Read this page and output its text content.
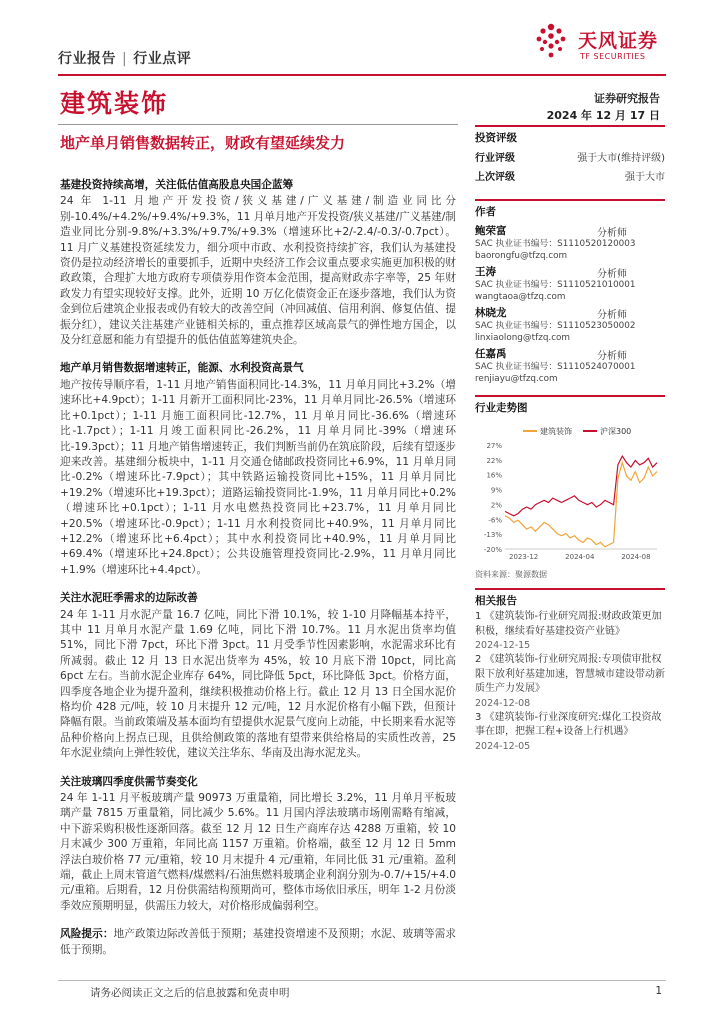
行业报告 | 行业点评
天风证券
TF SECURITIES
建筑装饰	证券研究报告
2024 年 12 月 17 日
地产单月销售数据转正，财政有望延续发力
基建投资持续高增，关注低估值高股息央国企蓝筹

24 年 1-11 月地产开发投资/狭义基建/广义基建/制造业同比分别-10.4%/+4.2%/+9.4%/+9.3%，11 月单月地产开发投资/狭义基建/广义基建/制造业同比分别-9.8%/+3.3%/+9.7%/+9.3%（增速环比+2/-2.4/-0.3/-0.7pct）。11 月广义基建投资延续发力，细分项中市政、水利投资持续扩容，我们认为基建投资仍是拉动经济增长的重要抓手，近期中央经济工作会议重点要求实施更加积极的财政政策，合理扩大地方政府专项债券用作资本金范围，提高财政赤字率等，25 年财政发力有望实现较好支撑。此外，近期 10 万亿化债资金正在逐步落地，我们认为资金到位后建筑企业报表或仍有较大的改善空间（冲回减值、信用利润、修复估值、提振分红），建议关注基建产业链相关标的，重点推荐区域高景气的弹性地方国企，以及分红意愿和能力有望提升的低估值蓝筹建筑央企。

地产单月销售数据增速转正，能源、水利投资高景气

地产按传导顺序看，1-11 月地产销售面积同比-14.3%，11 月单月同比+3.2%（增速环比+4.9pct）；1-11 月新开工面积同比-23%，11 月单月同比-26.5%（增速环比+0.1pct）；1-11 月施工面积同比-12.7%，11 月单月同比-36.6%（增速环比-1.7pct）；1-11 月竣工面积同比-26.2%，11 月单月同比-39%（增速环比-19.3pct）；11 月地产销售增速转正，我们判断当前仍在筑底阶段，后续有望逐步迎来改善。基建细分板块中，1-11 月交通仓储邮政投资同比+6.9%，11 月单月同比-0.2%（增速环比-7.9pct）；其中铁路运输投资同比+15%，11 月单月同比+19.2%（增速环比+19.3pct）；道路运输投资同比-1.9%，11 月单月同比+0.2%（增速环比+0.1pct）；1-11 月水电燃热投资同比+23.7%，11 月单月同比+20.5%（增速环比-0.9pct）；1-11 月水利投资同比+40.9%，11 月单月同比+12.2%（增速环比+6.4pct）；其中水利投资同比+40.9%，11 月单月同比+69.4%（增速环比+24.8pct）；公共设施管理投资同比-2.9%，11 月单月同比+1.9%（增速环比+4.4pct）。

关注水泥旺季需求的边际改善

24 年 1-11 月水泥产量 16.7 亿吨，同比下滑 10.1%，较 1-10 月降幅基本持平，其中 11 月单月水泥产量 1.69 亿吨，同比下滑 10.7%。11 月水泥出货率均值 51%，同比下滑 7pct，环比下滑 3pct。11 月受季节性因素影响，水泥需求环比有所减弱。截止 12 月 13 日水泥出货率为 45%，较 10 月底下滑 10pct，同比高 6pct 左右。当前水泥企业库存 64%，同比降低 5pct，环比降低 3pct。价格方面，四季度各地企业为提升盈利，继续积极推动价格上行。截止 12 月 13 日全国水泥价格均价 428 元/吨，较 10 月末提升 12 元/吨，12 月水泥价格有小幅下跌，但预计降幅有限。当前政策端及基本面均有望提供水泥景气度向上动能，中长期来看水泥等品种价格向上拐点已现，且供给侧政策的落地有望带来供给格局的实质性改善，25 年水泥业绩向上弹性较优，建议关注华东、华南及出海水泥龙头。

关注玻璃四季度供需节奏变化

24 年 1-11 月平板玻璃产量 90973 万重量箱，同比增长 3.2%，11 月单月平板玻璃产量 7815 万重量箱，同比减少 5.6%。11 月国内浮法玻璃市场刚需略有缩减，中下游采购积极性逐渐回落。截至 12 月 12 日生产商库存达 4288 万重箱，较 10 月末减少 300 万重箱，年同比高 1157 万重箱。价格端，截至 12 月 12 日 5mm 浮法白玻价格 77 元/重箱，较 10 月末提升 4 元/重箱，年同比低 31 元/重箱。盈利端，截止上周末管道气燃料/煤燃料/石油焦燃料玻璃企业利润分别为-0.7/+15/+4.0 元/重箱。后期看，12 月份供需结构预期尚可，整体市场依旧承压，明年 1-2 月份淡季效应预期明显，供需压力较大，对价格形成偏弱利空。

风险提示：地产政策边际改善低于预期；基建投资增速不及预期；水泥、玻璃等需求低于预期。

投资评级
行业评级	强于大市(维持评级)
上次评级	强于大市
作者
鲍荣富	分析师
SAC 执业证书编号：S1110520120003
baorongfu@tfzq.com
王涛	分析师
SAC 执业证书编号：S1110521010001
wangtaoa@tfzq.com
林晓龙	分析师
SAC 执业证书编号：S1110523050002
linxiaolong@tfzq.com
任嘉禹	分析师
SAC 执业证书编号：S1110524070001
renjiayu@tfzq.com
行业走势图
建筑装饰	沪深300
27%
22%
16%
9%
2%
-6%
-13%
-20%
2023-12	2024-04	2024-08
资料来源：聚源数据
相关报告
1 《建筑装饰-行业研究周报:财政政策更加积极，继续看好基建投资产业链》
2024-12-15
2 《建筑装饰-行业研究周报:专项债审批权限下放利好基建加速，智慧城市建设带动新质生产力发展》
2024-12-08
3 《建筑装饰-行业深度研究:煤化工投资故事在即，把握工程+设备上行机遇》
2024-12-05
请务必阅读正文之后的信息披露和免责申明	1
